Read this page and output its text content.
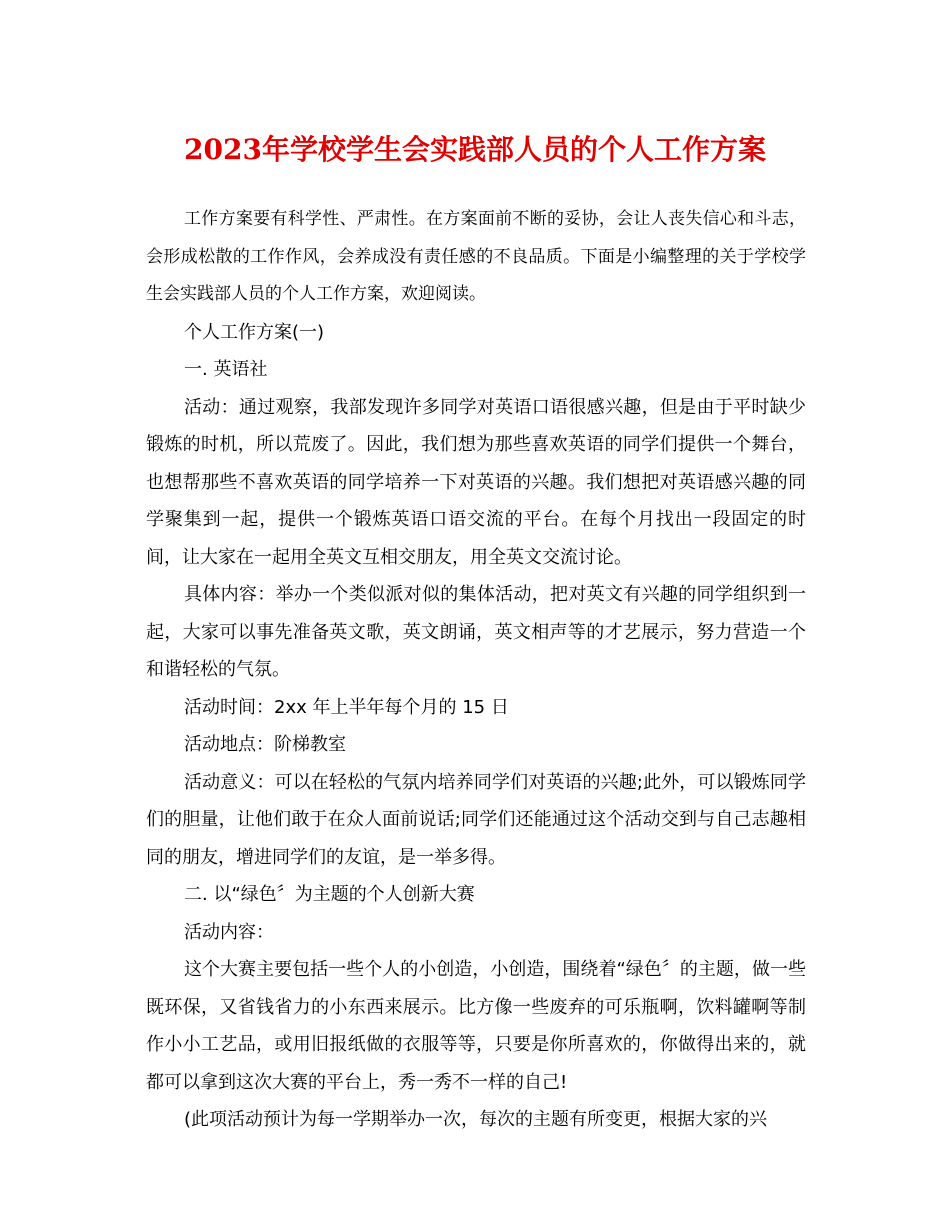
2023年学校学生会实践部人员的个人工作方案

工作方案要有科学性、严肃性。在方案面前不断的妥协，会让人丧失信心和斗志，会形成松散的工作作风，会养成没有责任感的不良品质。下面是小编整理的关于学校学生会实践部人员的个人工作方案，欢迎阅读。

个人工作方案(一)

一. 英语社

活动：通过观察，我部发现许多同学对英语口语很感兴趣，但是由于平时缺少锻炼的时机，所以荒废了。因此，我们想为那些喜欢英语的同学们提供一个舞台，也想帮那些不喜欢英语的同学培养一下对英语的兴趣。我们想把对英语感兴趣的同学聚集到一起，提供一个锻炼英语口语交流的平台。在每个月找出一段固定的时间，让大家在一起用全英文互相交朋友，用全英文交流讨论。

具体内容：举办一个类似派对似的集体活动，把对英文有兴趣的同学组织到一起，大家可以事先准备英文歌，英文朗诵，英文相声等的才艺展示，努力营造一个和谐轻松的气氛。

活动时间：2xx 年上半年每个月的 15 日

活动地点：阶梯教室

活动意义：可以在轻松的气氛内培养同学们对英语的兴趣;此外，可以锻炼同学们的胆量，让他们敢于在众人面前说话;同学们还能通过这个活动交到与自己志趣相同的朋友，增进同学们的友谊，是一举多得。

二. 以“绿色〞为主题的个人创新大赛

活动内容：

这个大赛主要包括一些个人的小创造，小创造，围绕着“绿色〞的主题，做一些既环保，又省钱省力的小东西来展示。比方像一些废弃的可乐瓶啊，饮料罐啊等制作小小工艺品，或用旧报纸做的衣服等等，只要是你所喜欢的，你做得出来的，就都可以拿到这次大赛的平台上，秀一秀不一样的自己!

(此项活动预计为每一学期举办一次，每次的主题有所变更，根据大家的兴
